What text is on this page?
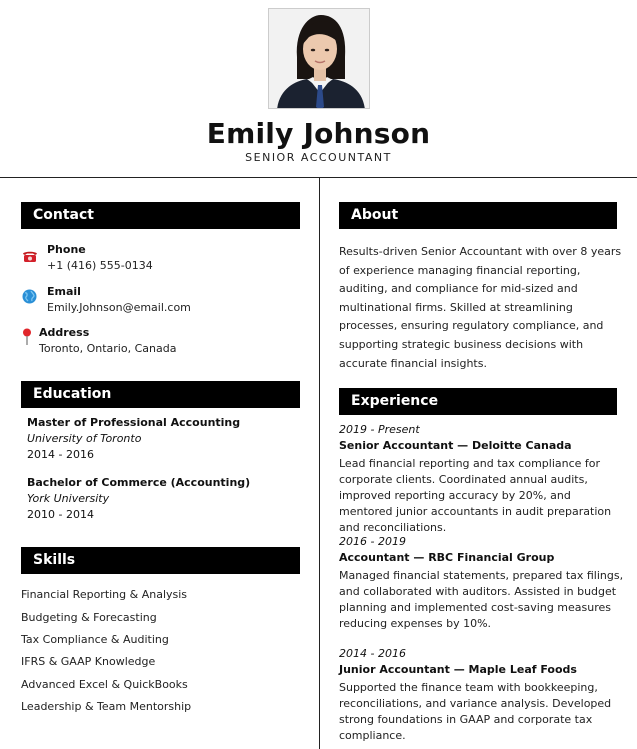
Emily Johnson
SENIOR ACCOUNTANT
Contact
Phone
+1 (416) 555-0134
Email
Emily.Johnson@email.com
Address
Toronto, Ontario, Canada
Education
Master of Professional Accounting
University of Toronto
2014 - 2016
Bachelor of Commerce (Accounting)
York University
2010 - 2014
Skills
Financial Reporting & Analysis
Budgeting & Forecasting
Tax Compliance & Auditing
IFRS & GAAP Knowledge
Advanced Excel & QuickBooks
Leadership & Team Mentorship
About
Results-driven Senior Accountant with over 8 years of experience managing financial reporting, auditing, and compliance for mid-sized and multinational firms. Skilled at streamlining processes, ensuring regulatory compliance, and supporting strategic business decisions with accurate financial insights.
Experience
2019 - Present
Senior Accountant — Deloitte Canada
Lead financial reporting and tax compliance for corporate clients. Coordinated annual audits, improved reporting accuracy by 20%, and mentored junior accountants in audit preparation and reconciliations.
2016 - 2019
Accountant — RBC Financial Group
Managed financial statements, prepared tax filings, and collaborated with auditors. Assisted in budget planning and implemented cost-saving measures reducing expenses by 10%.
2014 - 2016
Junior Accountant — Maple Leaf Foods
Supported the finance team with bookkeeping, reconciliations, and variance analysis. Developed strong foundations in GAAP and corporate tax compliance.
